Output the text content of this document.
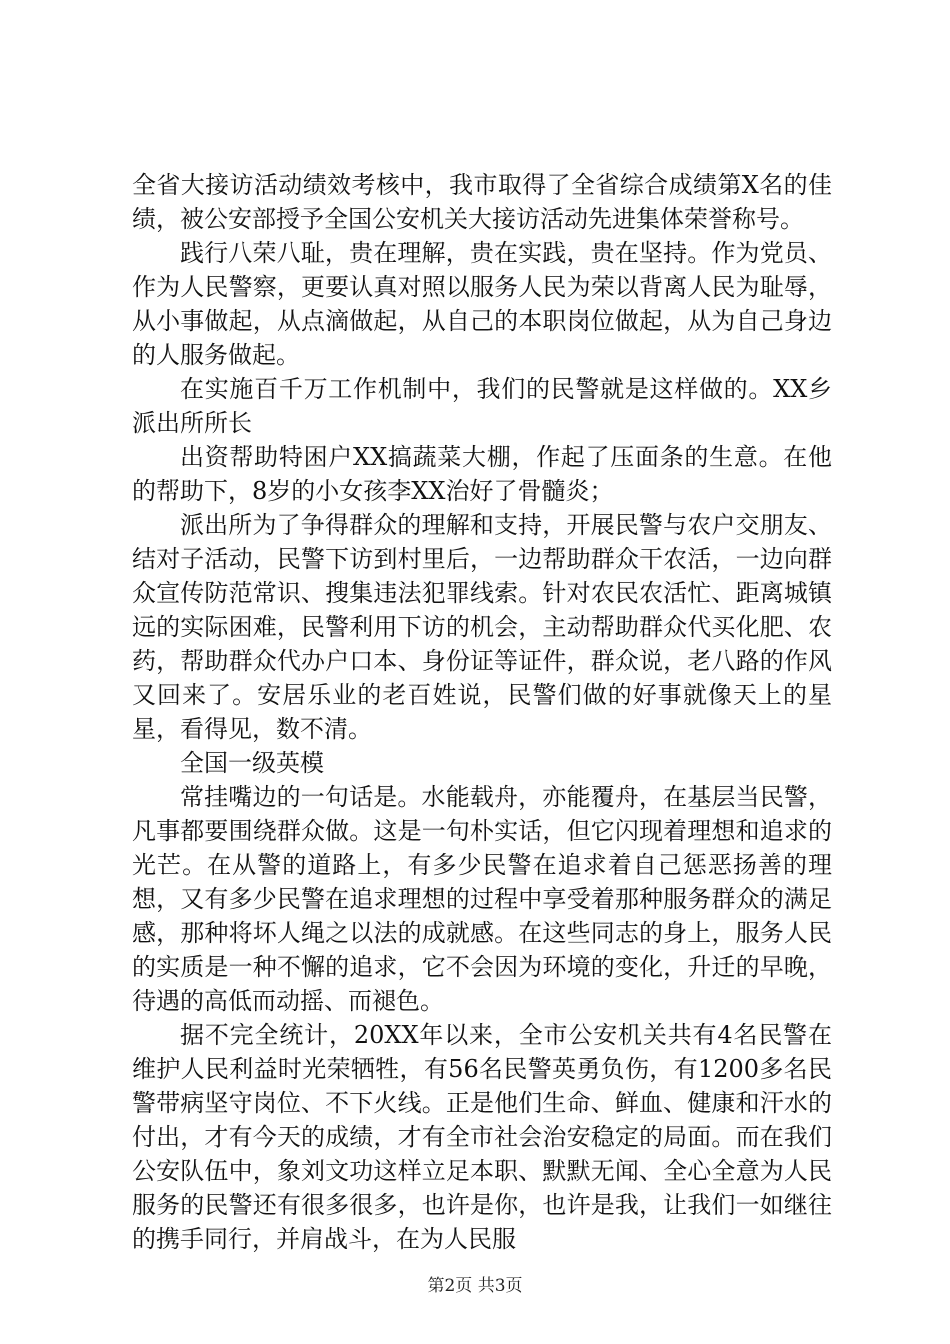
全省大接访活动绩效考核中，我市取得了全省综合成绩第X名的佳绩，被公安部授予全国公安机关大接访活动先进集体荣誉称号。

践行八荣八耻，贵在理解，贵在实践，贵在坚持。作为党员、作为人民警察，更要认真对照以服务人民为荣以背离人民为耻辱，从小事做起，从点滴做起，从自己的本职岗位做起，从为自己身边的人服务做起。

在实施百千万工作机制中，我们的民警就是这样做的。XX乡派出所所长

出资帮助特困户XX搞蔬菜大棚，作起了压面条的生意。在他的帮助下，8岁的小女孩李XX治好了骨髓炎；

派出所为了争得群众的理解和支持，开展民警与农户交朋友、结对子活动，民警下访到村里后，一边帮助群众干农活，一边向群众宣传防范常识、搜集违法犯罪线索。针对农民农活忙、距离城镇远的实际困难，民警利用下访的机会，主动帮助群众代买化肥、农药，帮助群众代办户口本、身份证等证件，群众说，老八路的作风又回来了。安居乐业的老百姓说，民警们做的好事就像天上的星星，看得见，数不清。

全国一级英模

常挂嘴边的一句话是。水能载舟，亦能覆舟，在基层当民警，凡事都要围绕群众做。这是一句朴实话，但它闪现着理想和追求的光芒。在从警的道路上，有多少民警在追求着自己惩恶扬善的理想，又有多少民警在追求理想的过程中享受着那种服务群众的满足感，那种将坏人绳之以法的成就感。在这些同志的身上，服务人民的实质是一种不懈的追求，它不会因为环境的变化，升迁的早晚，待遇的高低而动摇、而褪色。

据不完全统计，20XX年以来，全市公安机关共有4名民警在维护人民利益时光荣牺牲，有56名民警英勇负伤，有1200多名民警带病坚守岗位、不下火线。正是他们生命、鲜血、健康和汗水的付出，才有今天的成绩，才有全市社会治安稳定的局面。而在我们公安队伍中，象刘文功这样立足本职、默默无闻、全心全意为人民服务的民警还有很多很多，也许是你，也许是我，让我们一如继往的携手同行，并肩战斗，在为人民服

第2页 共3页
